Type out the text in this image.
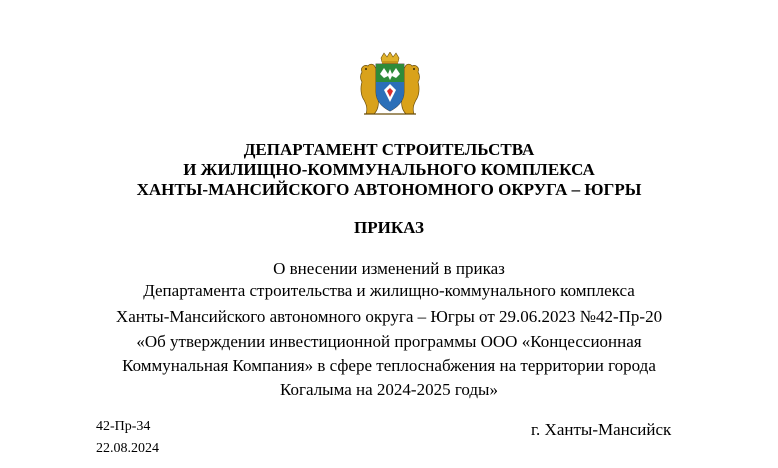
ДЕПАРТАМЕНТ СТРОИТЕЛЬСТВА
И ЖИЛИЩНО-КОММУНАЛЬНОГО КОМПЛЕКСА
ХАНТЫ-МАНСИЙСКОГО АВТОНОМНОГО ОКРУГА – ЮГРЫ
ПРИКАЗ
О внесении изменений в приказ
Департамента строительства и жилищно-коммунального комплекса
Ханты-Мансийского автономного округа – Югры от 29.06.2023 №42-Пр-20
«Об утверждении инвестиционной программы ООО «Концессионная
Коммунальная Компания» в сфере теплоснабжения на территории города
Когалыма на 2024-2025 годы»
42-Пр-34
22.08.2024
г. Ханты-Мансийск
